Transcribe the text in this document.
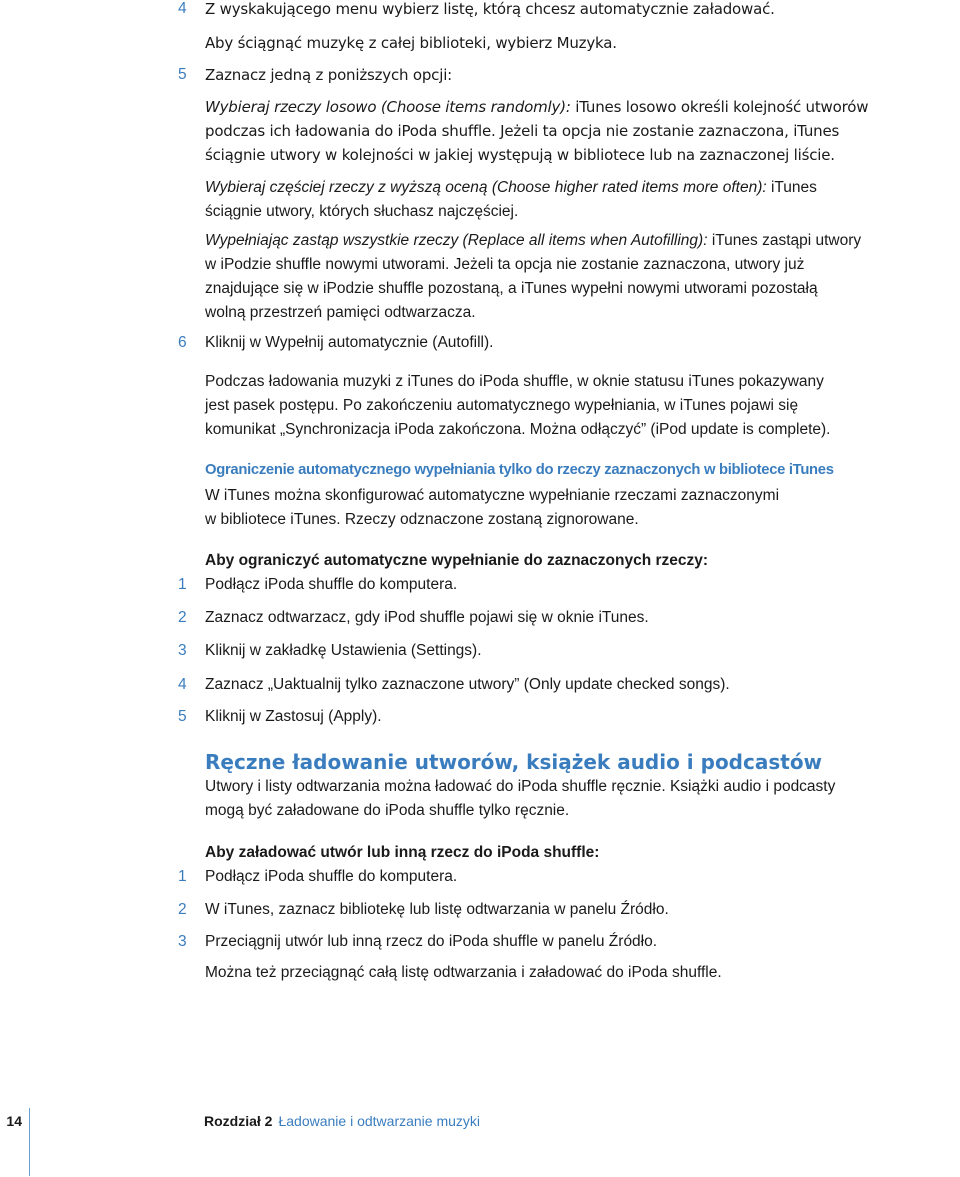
4	Z wyskakującego menu wybierz listę, którą chcesz automatycznie załadować.
Aby ściągnąć muzykę z całej biblioteki, wybierz Muzyka.
5	Zaznacz jedną z poniższych opcji:
Wybieraj rzeczy losowo (Choose items randomly): iTunes losowo określi kolejność utworów
podczas ich ładowania do iPoda shuffle. Jeżeli ta opcja nie zostanie zaznaczona, iTunes
ściągnie utwory w kolejności w jakiej występują w bibliotece lub na zaznaczonej liście.
Wybieraj częściej rzeczy z wyższą oceną (Choose higher rated items more often): iTunes
ściągnie utwory, których słuchasz najczęściej.
Wypełniając zastąp wszystkie rzeczy (Replace all items when Autofilling): iTunes zastąpi utwory
w iPodzie shuffle nowymi utworami. Jeżeli ta opcja nie zostanie zaznaczona, utwory już
znajdujące się w iPodzie shuffle pozostaną, a iTunes wypełni nowymi utworami pozostałą
wolną przestrzeń pamięci odtwarzacza.
6	Kliknij w Wypełnij automatycznie (Autofill).
Podczas ładowania muzyki z iTunes do iPoda shuffle, w oknie statusu iTunes pokazywany
jest pasek postępu. Po zakończeniu automatycznego wypełniania, w iTunes pojawi się
komunikat „Synchronizacja iPoda zakończona. Można odłączyć” (iPod update is complete).
Ograniczenie automatycznego wypełniania tylko do rzeczy zaznaczonych w bibliotece iTunes
W iTunes można skonfigurować automatyczne wypełnianie rzeczami zaznaczonymi
w bibliotece iTunes. Rzeczy odznaczone zostaną zignorowane.
Aby ograniczyć automatyczne wypełnianie do zaznaczonych rzeczy:
1	Podłącz iPoda shuffle do komputera.
2	Zaznacz odtwarzacz, gdy iPod shuffle pojawi się w oknie iTunes.
3	Kliknij w zakładkę Ustawienia (Settings).
4	Zaznacz „Uaktualnij tylko zaznaczone utwory” (Only update checked songs).
5	Kliknij w Zastosuj (Apply).
Ręczne ładowanie utworów, książek audio i podcastów
Utwory i listy odtwarzania można ładować do iPoda shuffle ręcznie. Książki audio i podcasty
mogą być załadowane do iPoda shuffle tylko ręcznie.
Aby załadować utwór lub inną rzecz do iPoda shuffle:
1	Podłącz iPoda shuffle do komputera.
2	W iTunes, zaznacz bibliotekę lub listę odtwarzania w panelu Źródło.
3	Przeciągnij utwór lub inną rzecz do iPoda shuffle w panelu Źródło.
Można też przeciągnąć całą listę odtwarzania i załadować do iPoda shuffle.
14	Rozdział 2 Ładowanie i odtwarzanie muzyki
